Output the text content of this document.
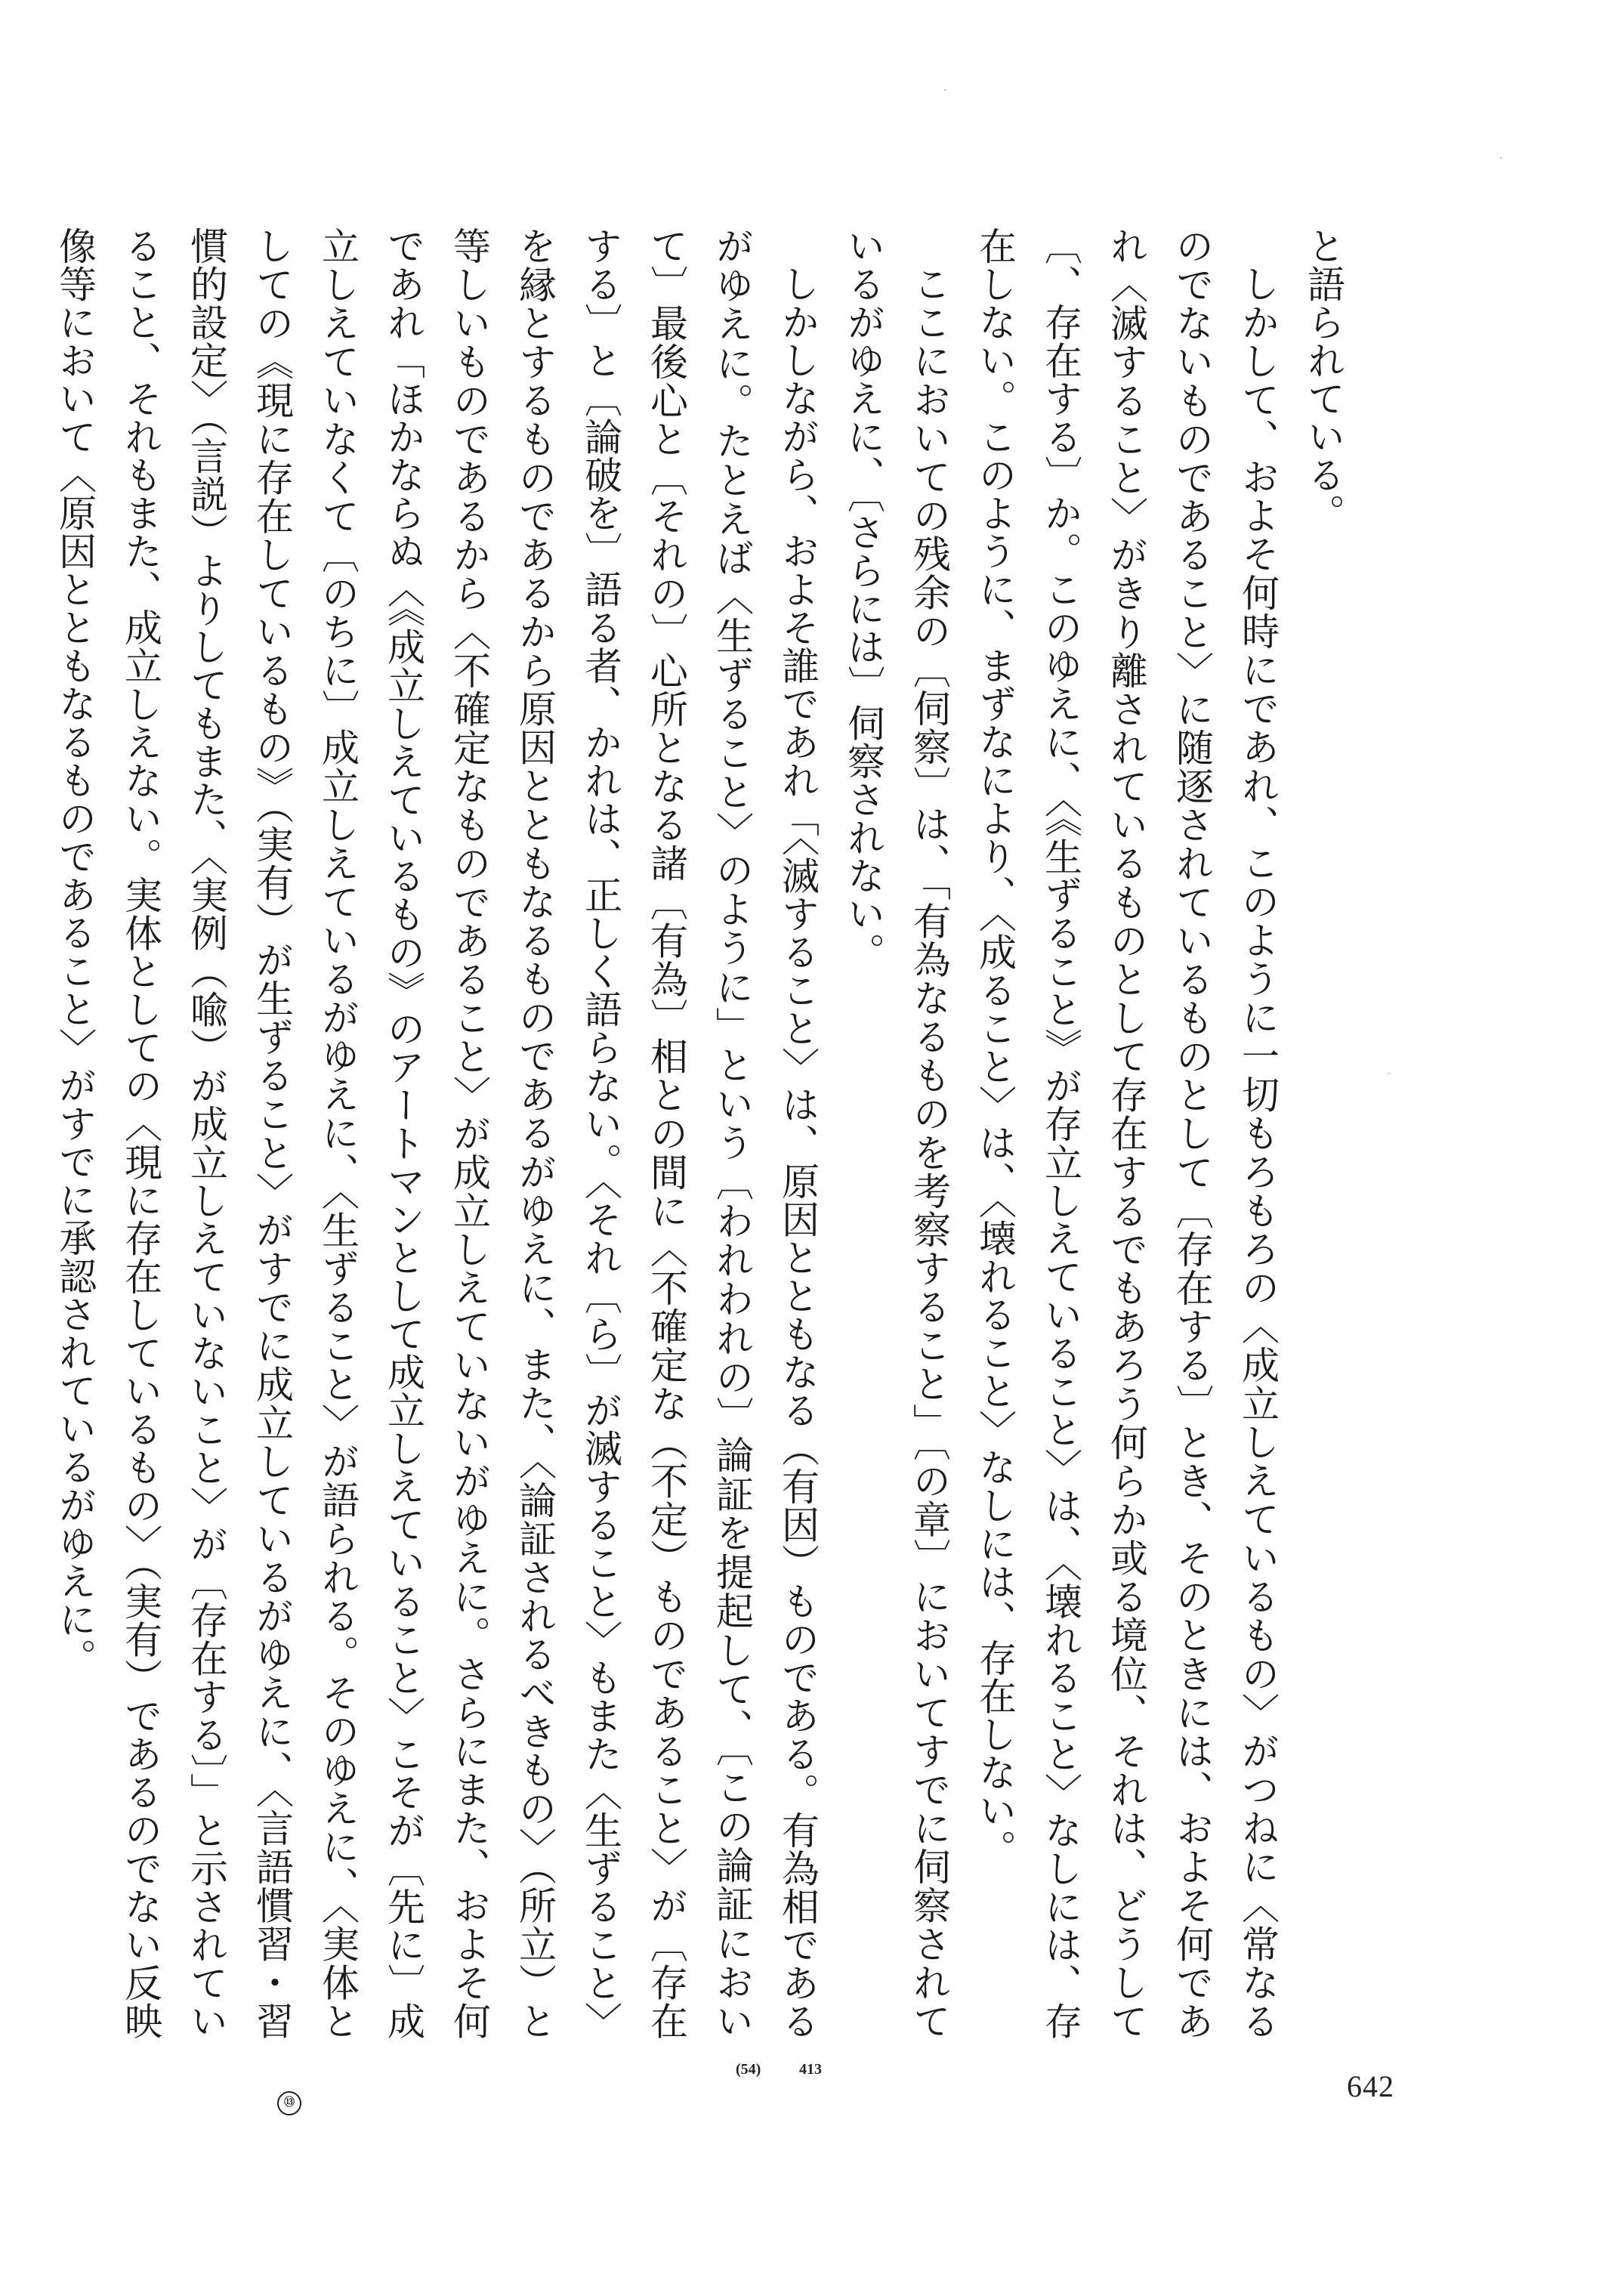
と語られている。

しかして、およそ何時にであれ、このように一切もろもろの〈成立しえているもの〉がつねに〈常なるのでないものであること〉に随逐されているものとして〔存在する〕とき、そのときには、およそ何であれ〈滅すること〉がきり離されているものとして存在するでもあろう何らか或る境位、それは、どうして〔、存在する〕か。このゆえに、〈《生ずること》が存立しえていること〉は、〈壊れること〉なしには、存在しない。このように、まずなにより、〈成ること〉は、〈壊れること〉なしには、存在しない。

ここにおいての残余の〔伺察〕は、「有為なるものを考察すること」〔の章〕においてすでに伺察されているがゆえに、〔さらには〕伺察されない。

しかしながら、およそ誰であれ「〈滅すること〉は、原因とともなる（有因）ものである。有為相であるがゆえに。たとえば〈生ずること〉のように」という〔われわれの〕論証を提起して、〔この論証において〕最後心と〔それの〕心所となる諸〔有為〕相との間に〈不確定な（不定）ものであること〉が〔存在する〕と〔論破を〕語る者、かれは、正しく語らない。〈それ〔ら〕が滅すること〉もまた〈生ずること〉を縁とするものであるから原因とともなるものであるがゆえに、また、〈論証されるべきもの〉（所立）と等しいものであるから〈不確定なものであること〉が成立しえていないがゆえに。さらにまた、およそ何であれ「ほかならぬ〈《成立しえているもの》のアートマンとして成立しえていること〉こそが〔先に〕成立しえていなくて〔のちに〕成立しえているがゆえに、〈生ずること〉が語られる。そのゆえに、〈実体としての《現に存在しているもの》（実有）が生ずること〉がすでに成立しているがゆえに、〈言語慣習・習慣的設定〉（言説）よりしてもまた、〈実例（喩）が成立しえていないこと〉が〔存在する〕」と示されていること、それもまた、成立しえない。実体としての〈現に存在しているもの〉（実有）であるのでない反映像等において〈原因とともなるものであること〉がすでに承認されているがゆえに。

413
(54)
⑬	642
